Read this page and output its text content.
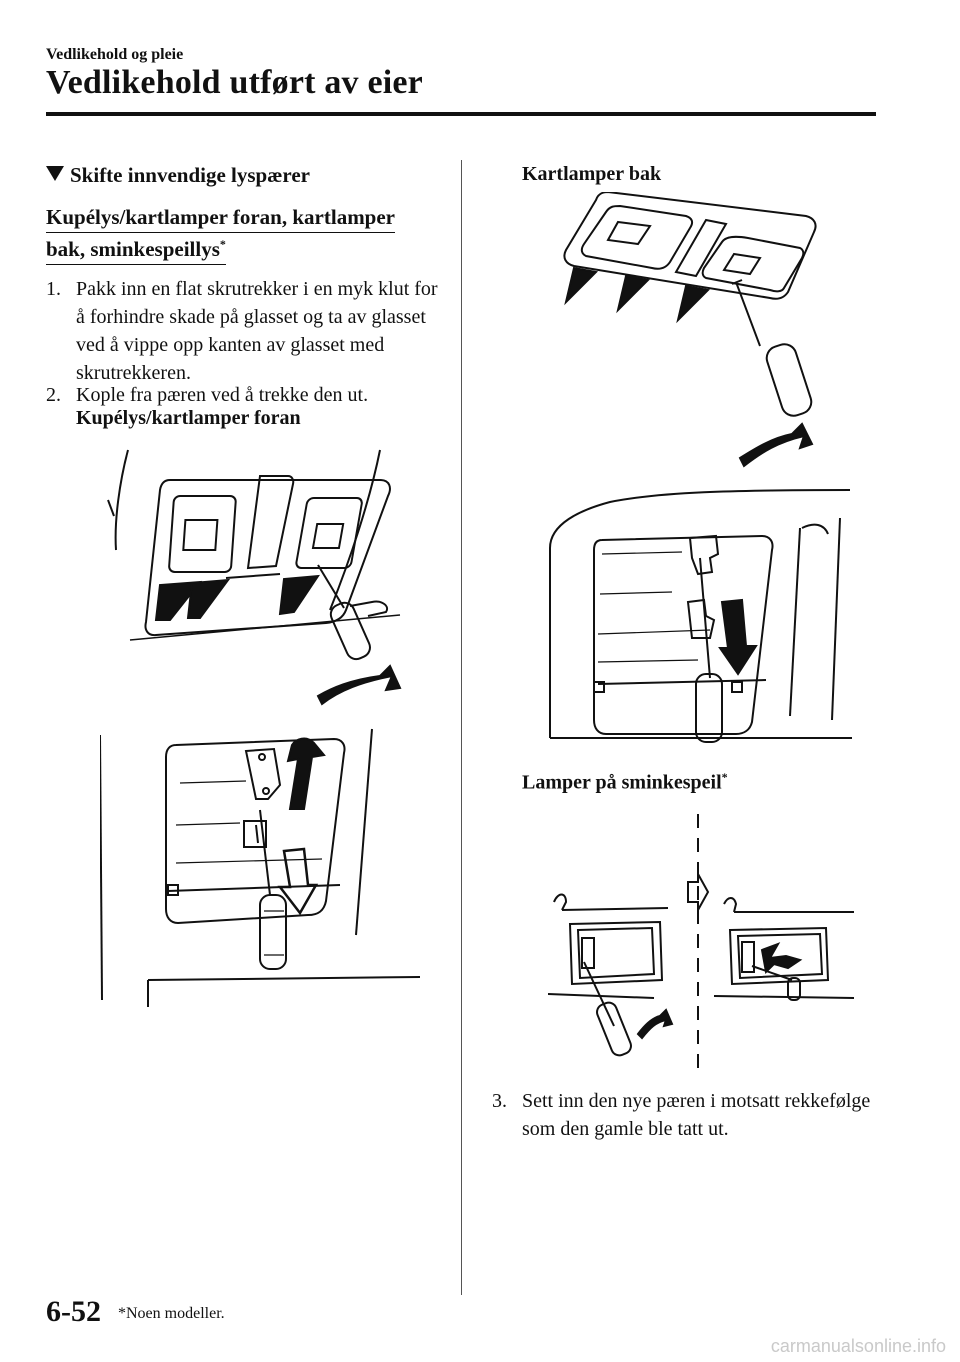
Vedlikehold og pleie
Vedlikehold utført av eier
Skifte innvendige lyspærer
Kupélys/kartlamper foran, kartlamper
bak, sminkespeillys*
1. Pakk inn en flat skrutrekker i en myk klut for å forhindre skade på glasset og ta av glasset ved å vippe opp kanten av glasset med skrutrekkeren.
2. Kople fra pæren ved å trekke den ut.
Kupélys/kartlamper foran
Kartlamper bak
Lamper på sminkespeil*
3. Sett inn den nye pæren i motsatt rekkefølge som den gamle ble tatt ut.
6-52 *Noen modeller.
carmanualsonline.info
